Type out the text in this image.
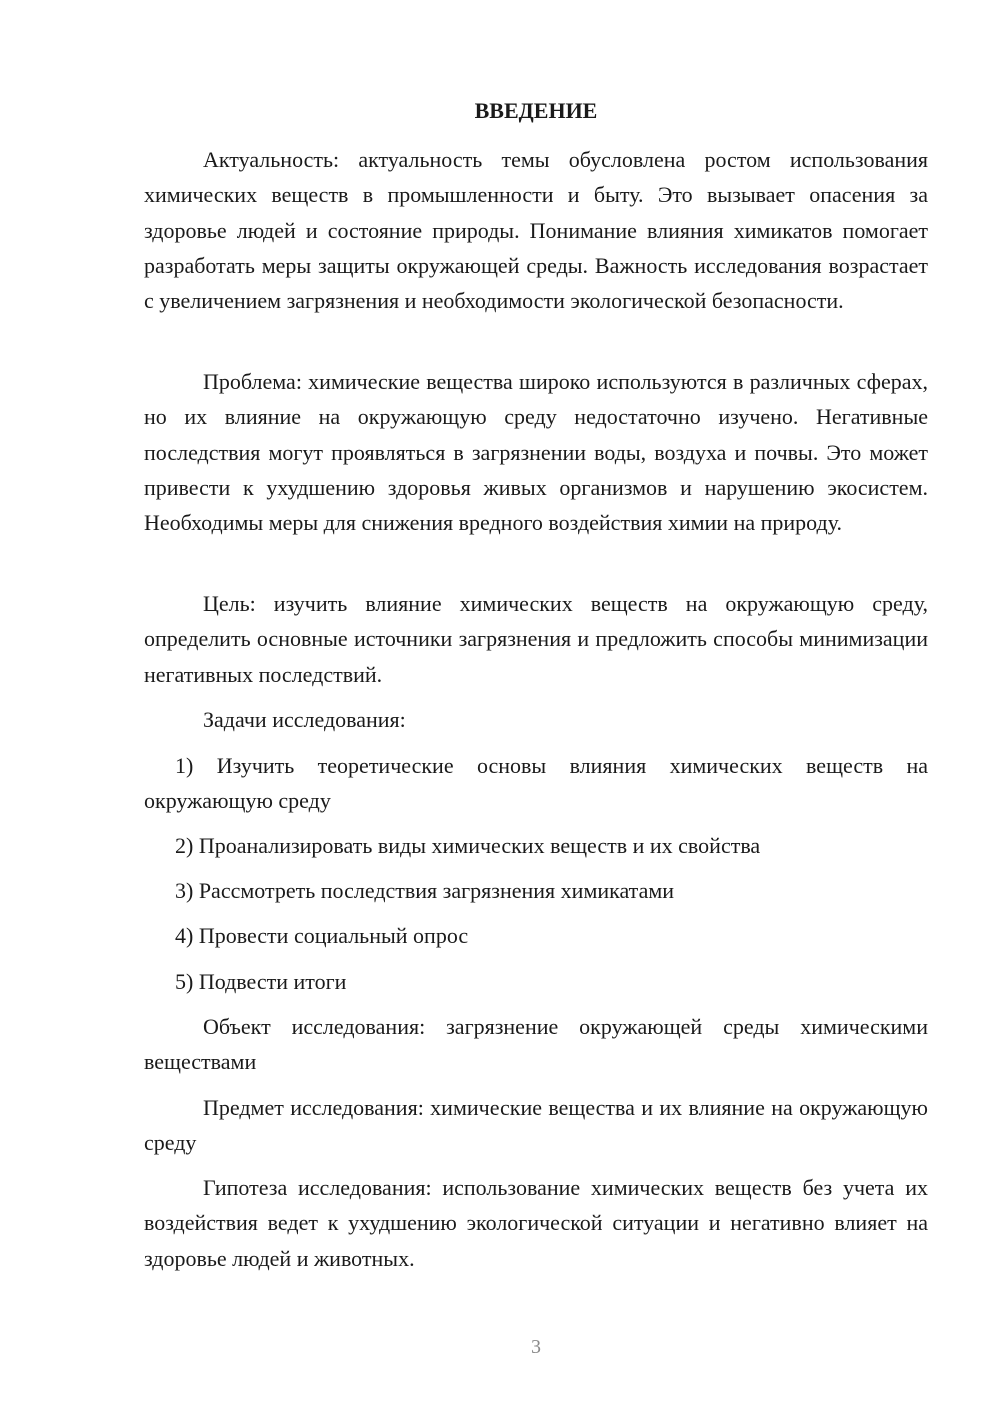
ВВЕДЕНИЕ

Актуальность: актуальность темы обусловлена ростом использования химических веществ в промышленности и быту. Это вызывает опасения за здоровье людей и состояние природы. Понимание влияния химикатов помогает разработать меры защиты окружающей среды. Важность исследования возрастает с увеличением загрязнения и необходимости экологической безопасности.

Проблема: химические вещества широко используются в различных сферах, но их влияние на окружающую среду недостаточно изучено. Негативные последствия могут проявляться в загрязнении воды, воздуха и почвы. Это может привести к ухудшению здоровья живых организмов и нарушению экосистем. Необходимы меры для снижения вредного воздействия химии на природу.

Цель: изучить влияние химических веществ на окружающую среду, определить основные источники загрязнения и предложить способы минимизации негативных последствий.

Задачи исследования:

1) Изучить теоретические основы влияния химических веществ на окружающую среду

2) Проанализировать виды химических веществ и их свойства

3) Рассмотреть последствия загрязнения химикатами

4) Провести социальный опрос

5) Подвести итоги

Объект исследования: загрязнение окружающей среды химическими веществами

Предмет исследования: химические вещества и их влияние на окружающую среду

Гипотеза исследования: использование химических веществ без учета их воздействия ведет к ухудшению экологической ситуации и негативно влияет на здоровье людей и животных.

3
